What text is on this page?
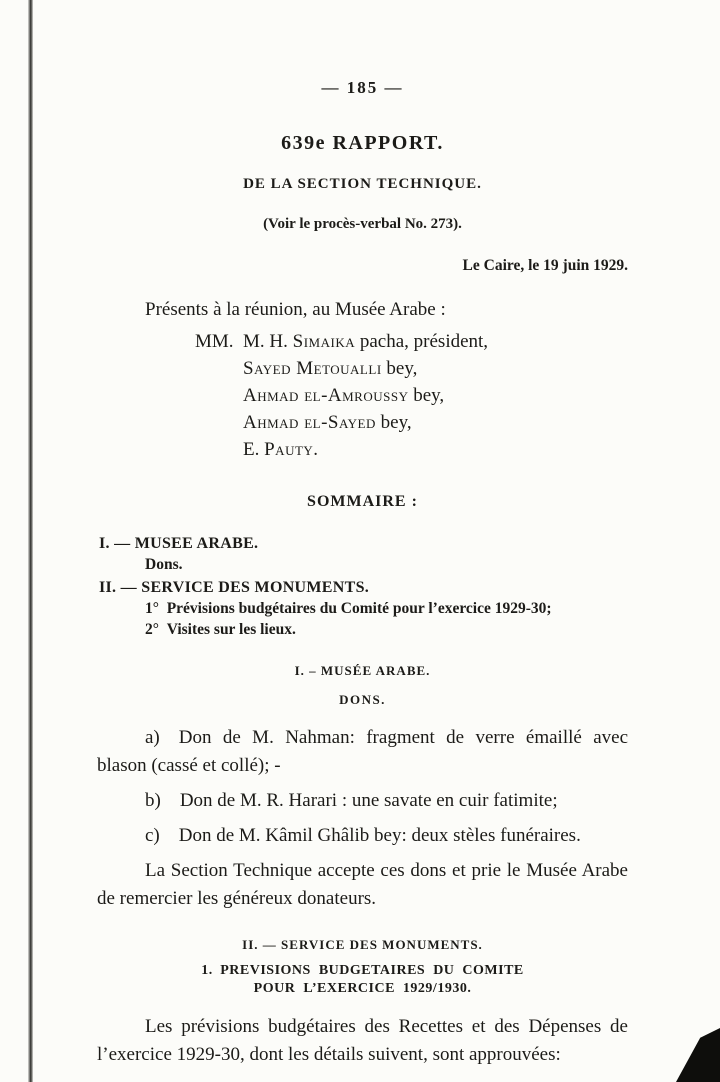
— 185 —
639e RAPPORT.
DE LA SECTION TECHNIQUE.
(Voir le procès-verbal No. 273).
Le Caire, le 19 juin 1929.

Présents à la réunion, au Musée Arabe :

MM. M. H. Simaika pacha, président,
Sayed Metoualli bey,
Ahmad el-Amroussy bey,
Ahmad el-Sayed bey,
E. Pauty.
SOMMAIRE :
I. — MUSEE ARABE.
Dons.
II. — SERVICE DES MONUMENTS.
1° Prévisions budgétaires du Comité pour l’exercice 1929-30;
2° Visites sur les lieux.
I. – MUSÉE ARABE.
DONS.

a) Don de M. Nahman: fragment de verre émaillé avec blason (cassé et collé); -

b) Don de M. R. Harari : une savate en cuir fatimite;

c) Don de M. Kâmil Ghâlib bey: deux stèles funéraires.

La Section Technique accepte ces dons et prie le Musée Arabe de remercier les généreux donateurs.

II. — SERVICE DES MONUMENTS.
1. PREVISIONS BUDGETAIRES DU COMITE
POUR L’EXERCICE 1929/1930.

Les prévisions budgétaires des Recettes et des Dépenses de l’exercice 1929-30, dont les détails suivent, sont approuvées:
